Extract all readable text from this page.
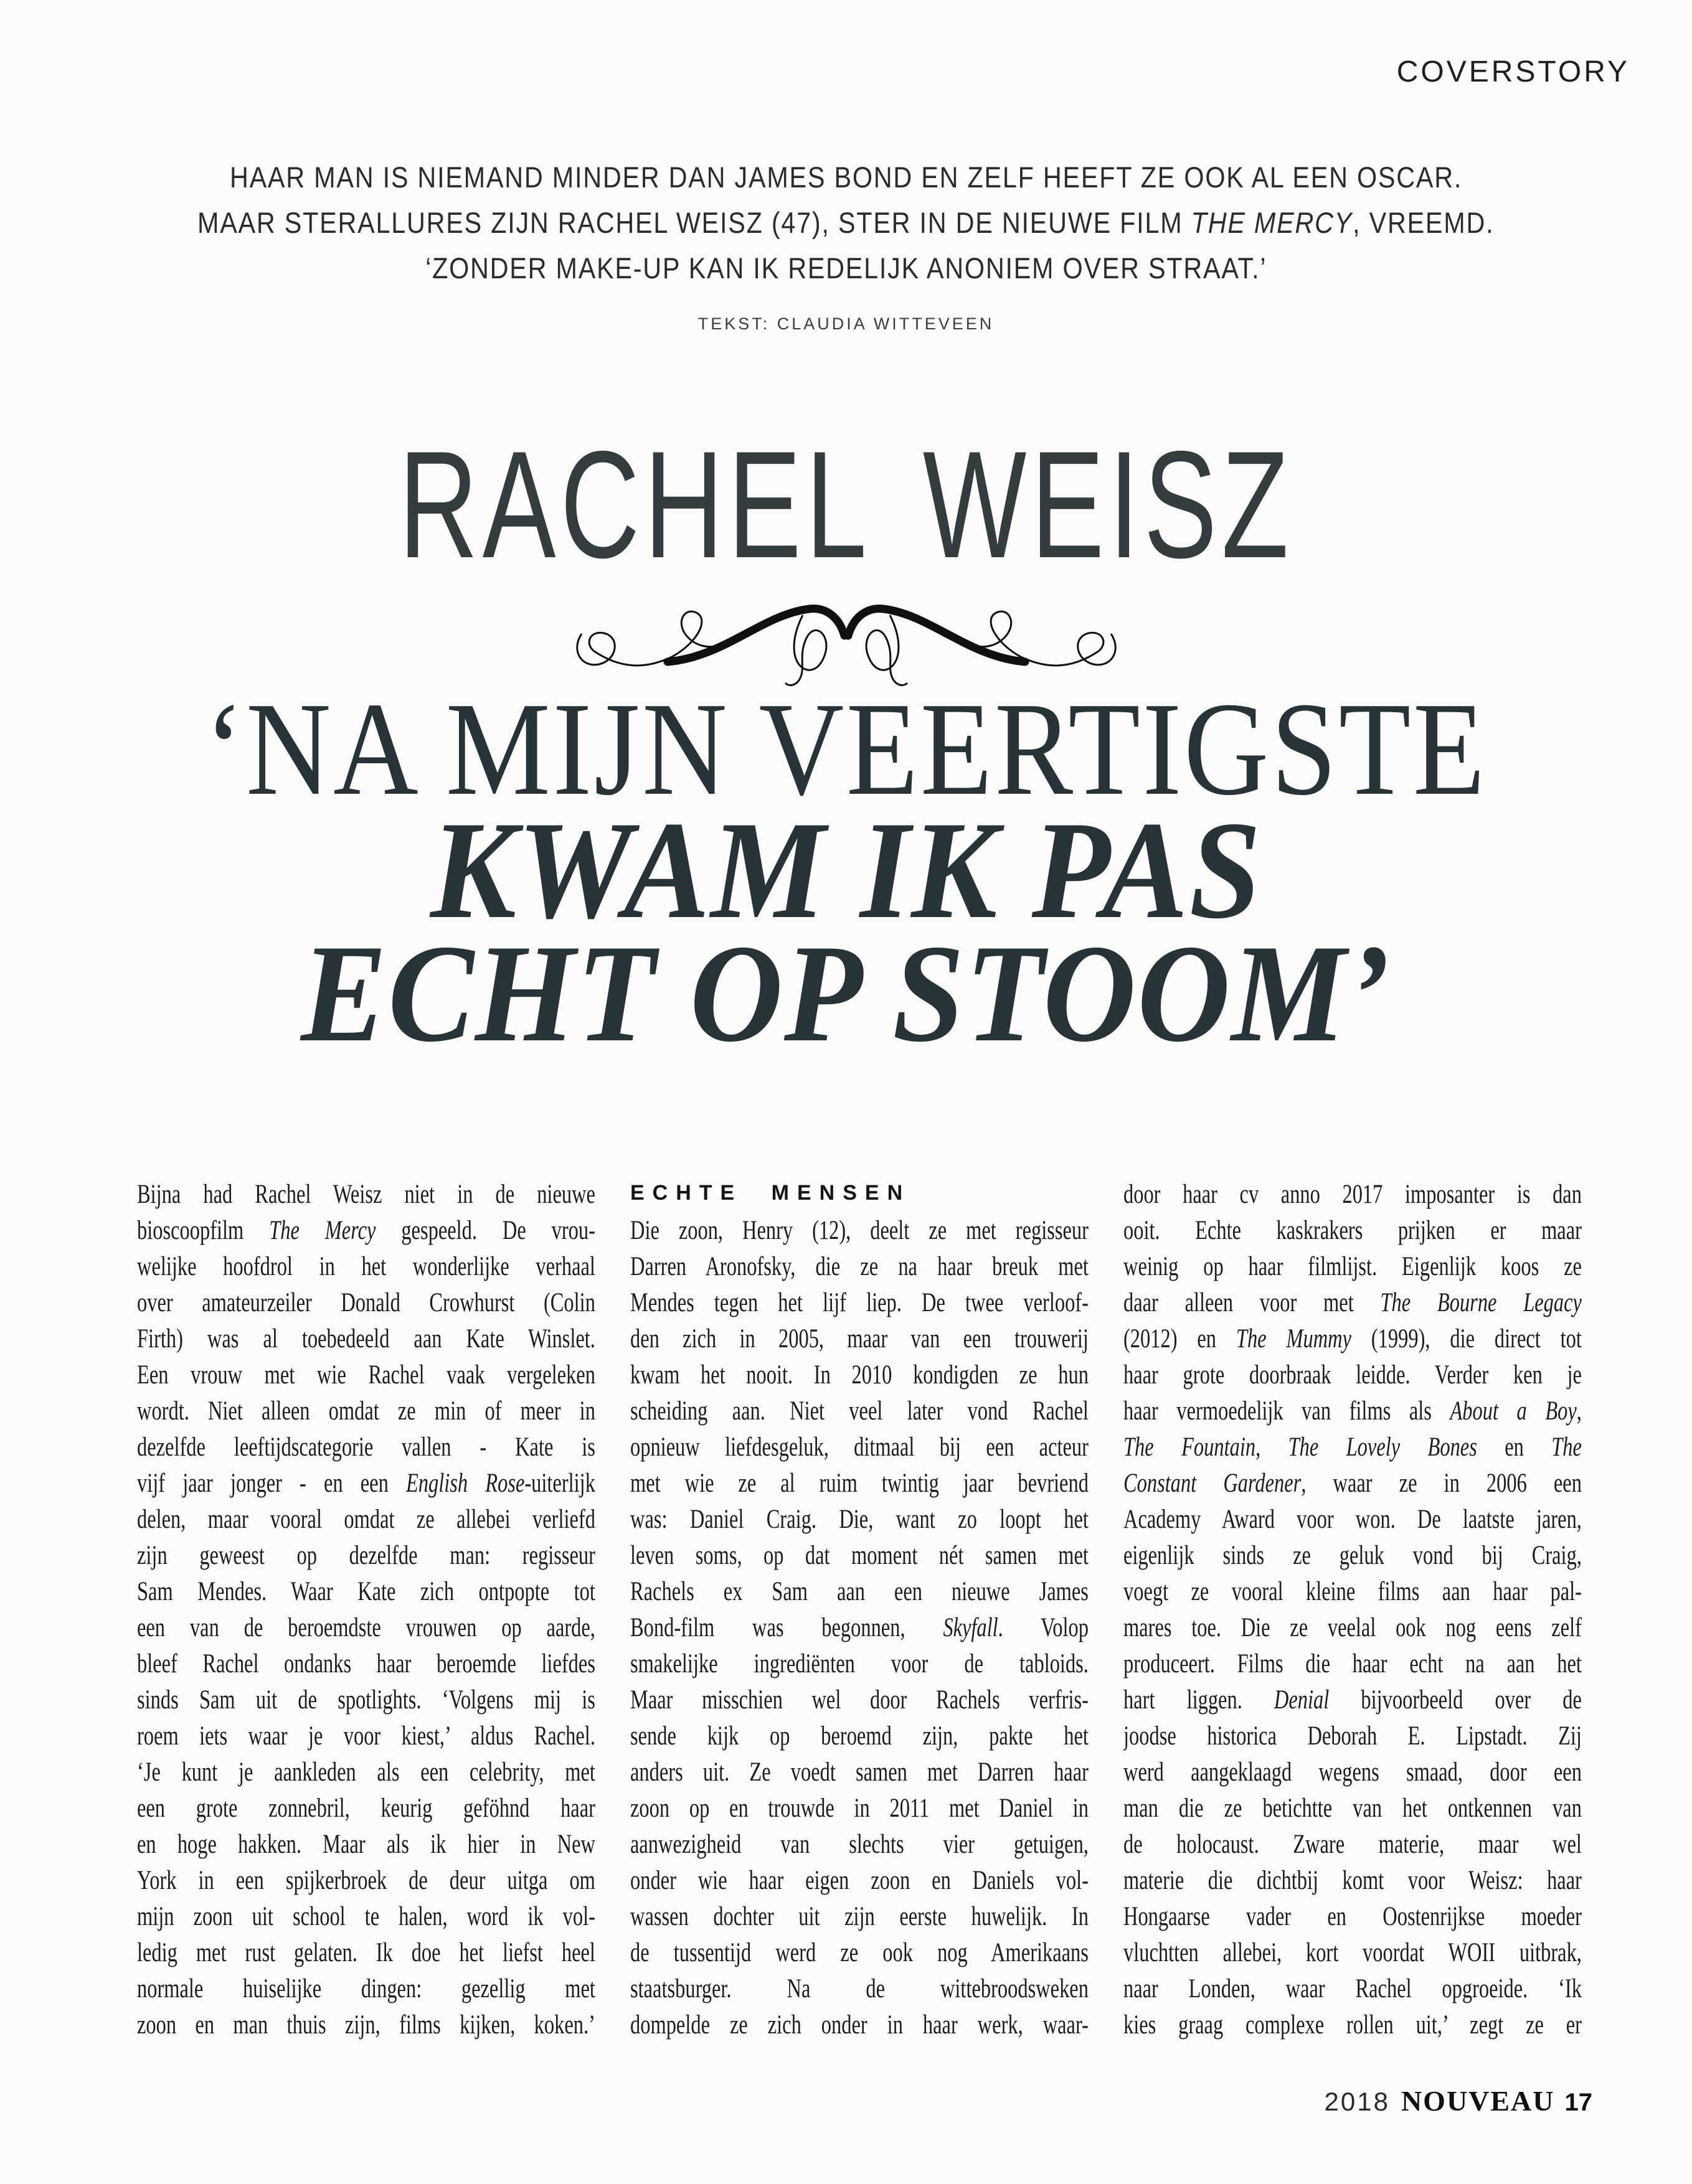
COVERSTORY
HAAR MAN IS NIEMAND MINDER DAN JAMES BOND EN ZELF HEEFT ZE OOK AL EEN OSCAR.
MAAR STERALLURES ZIJN RACHEL WEISZ (47), STER IN DE NIEUWE FILM THE MERCY, VREEMD.
‘ZONDER MAKE-UP KAN IK REDELIJK ANONIEM OVER STRAAT.’
TEKST: CLAUDIA WITTEVEEN
RACHEL WEISZ
‘NA MIJN VEERTIGSTE
KWAM IK PAS
ECHT OP STOOM’
Bijna had Rachel Weisz niet in de nieuwe
bioscoopfilm The Mercy gespeeld. De vrou-
welijke hoofdrol in het wonderlijke verhaal
over amateurzeiler Donald Crowhurst (Colin
Firth) was al toebedeeld aan Kate Winslet.
Een vrouw met wie Rachel vaak vergeleken
wordt. Niet alleen omdat ze min of meer in
dezelfde leeftijdscategorie vallen - Kate is
vijf jaar jonger - en een English Rose-uiterlijk
delen, maar vooral omdat ze allebei verliefd
zijn geweest op dezelfde man: regisseur
Sam Mendes. Waar Kate zich ontpopte tot
een van de beroemdste vrouwen op aarde,
bleef Rachel ondanks haar beroemde liefdes
sinds Sam uit de spotlights. ‘Volgens mij is
roem iets waar je voor kiest,’ aldus Rachel.
‘Je kunt je aankleden als een celebrity, met
een grote zonnebril, keurig geföhnd haar
en hoge hakken. Maar als ik hier in New
York in een spijkerbroek de deur uitga om
mijn zoon uit school te halen, word ik vol-
ledig met rust gelaten. Ik doe het liefst heel
normale huiselijke dingen: gezellig met
zoon en man thuis zijn, films kijken, koken.’
ECHTE MENSEN
Die zoon, Henry (12), deelt ze met regisseur
Darren Aronofsky, die ze na haar breuk met
Mendes tegen het lijf liep. De twee verloof-
den zich in 2005, maar van een trouwerij
kwam het nooit. In 2010 kondigden ze hun
scheiding aan. Niet veel later vond Rachel
opnieuw liefdesgeluk, ditmaal bij een acteur
met wie ze al ruim twintig jaar bevriend
was: Daniel Craig. Die, want zo loopt het
leven soms, op dat moment nét samen met
Rachels ex Sam aan een nieuwe James
Bond-film was begonnen, Skyfall. Volop
smakelijke ingrediënten voor de tabloids.
Maar misschien wel door Rachels verfris-
sende kijk op beroemd zijn, pakte het
anders uit. Ze voedt samen met Darren haar
zoon op en trouwde in 2011 met Daniel in
aanwezigheid van slechts vier getuigen,
onder wie haar eigen zoon en Daniels vol-
wassen dochter uit zijn eerste huwelijk. In
de tussentijd werd ze ook nog Amerikaans
staatsburger. Na de wittebroodsweken
dompelde ze zich onder in haar werk, waar-
door haar cv anno 2017 imposanter is dan
ooit. Echte kaskrakers prijken er maar
weinig op haar filmlijst. Eigenlijk koos ze
daar alleen voor met The Bourne Legacy
(2012) en The Mummy (1999), die direct tot
haar grote doorbraak leidde. Verder ken je
haar vermoedelijk van films als About a Boy,
The Fountain, The Lovely Bones en The
Constant Gardener, waar ze in 2006 een
Academy Award voor won. De laatste jaren,
eigenlijk sinds ze geluk vond bij Craig,
voegt ze vooral kleine films aan haar pal-
mares toe. Die ze veelal ook nog eens zelf
produceert. Films die haar echt na aan het
hart liggen. Denial bijvoorbeeld over de
joodse historica Deborah E. Lipstadt. Zij
werd aangeklaagd wegens smaad, door een
man die ze betichtte van het ontkennen van
de holocaust. Zware materie, maar wel
materie die dichtbij komt voor Weisz: haar
Hongaarse vader en Oostenrijkse moeder
vluchtten allebei, kort voordat WOII uitbrak,
naar Londen, waar Rachel opgroeide. ‘Ik
kies graag complexe rollen uit,’ zegt ze er
2018 NOUVEAU 17
